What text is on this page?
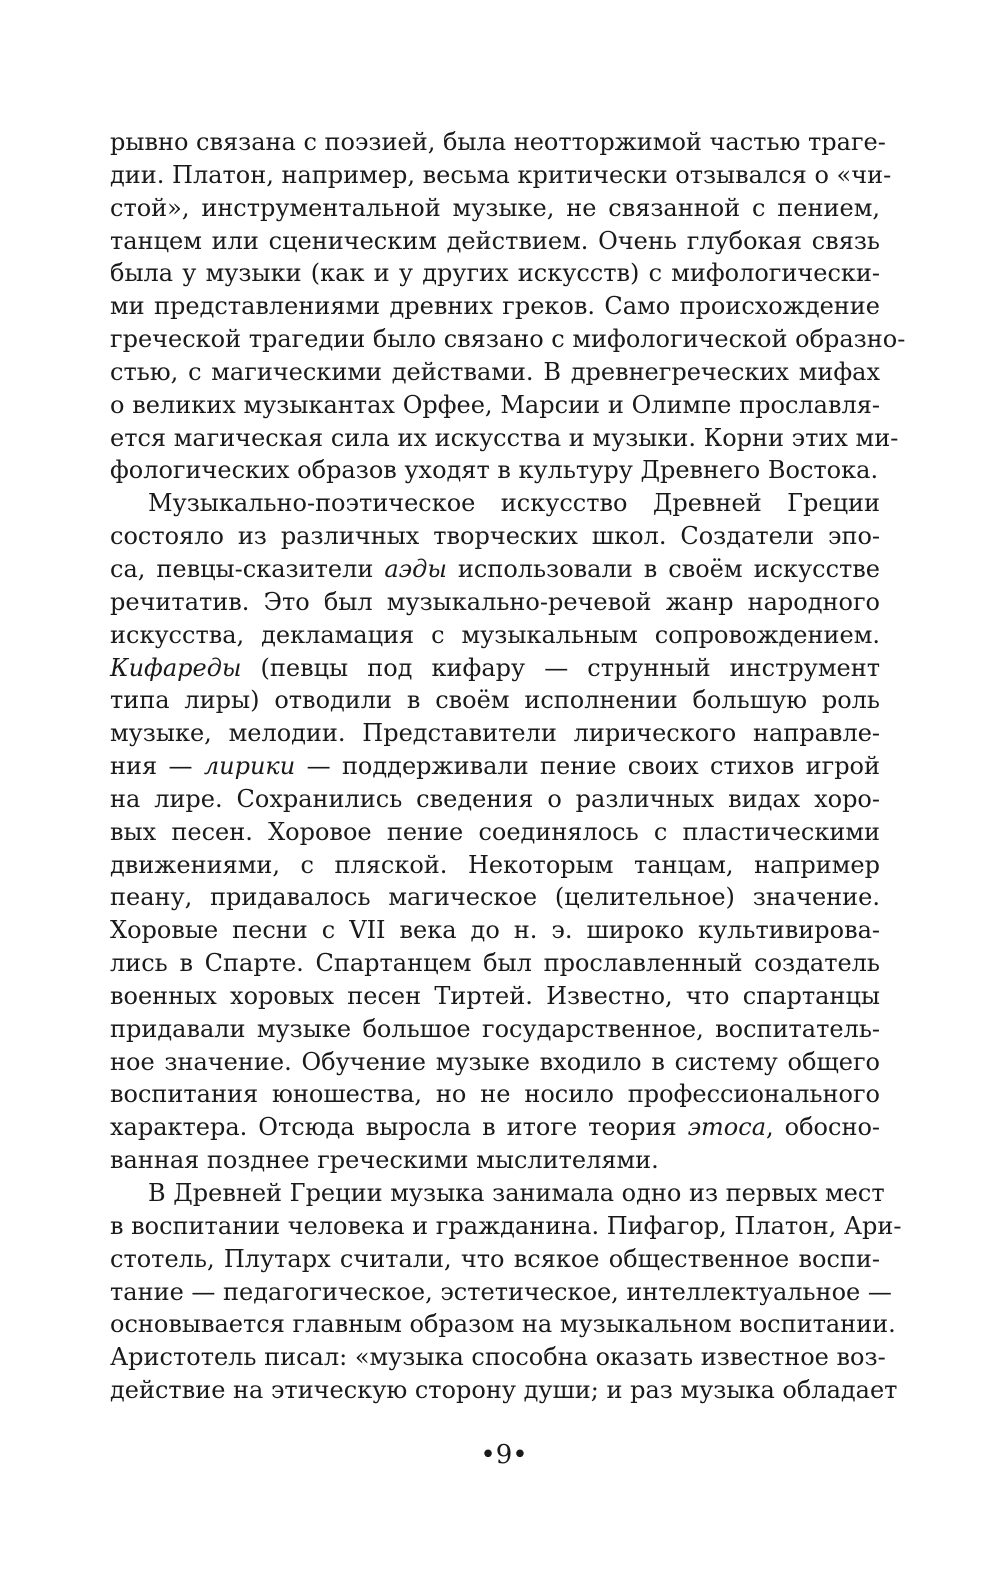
рывно связана с поэзией, была неотторжимой частью траге-
дии. Платон, например, весьма критически отзывался о «чи-
стой», инструментальной музыке, не связанной с пением,
танцем или сценическим действием. Очень глубокая связь
была у музыки (как и у других искусств) с мифологически-
ми представлениями древних греков. Само происхождение
греческой трагедии было связано с мифологической образно-
стью, с магическими действами. В древнегреческих мифах
о великих музыкантах Орфее, Марсии и Олимпе прославля-
ется магическая сила их искусства и музыки. Корни этих ми-
фологических образов уходят в культуру Древнего Востока.
Музыкально-поэтическое искусство Древней Греции
состояло из различных творческих школ. Создатели эпо-
са, певцы-сказители аэды использовали в своём искусстве
речитатив. Это был музыкально-речевой жанр народного
искусства, декламация с музыкальным сопровождением.
Кифареды (певцы под кифару — струнный инструмент
типа лиры) отводили в своём исполнении большую роль
музыке, мелодии. Представители лирического направле-
ния — лирики — поддерживали пение своих стихов игрой
на лире. Сохранились сведения о различных видах хоро-
вых песен. Хоровое пение соединялось с пластическими
движениями, с пляской. Некоторым танцам, например
пеану, придавалось магическое (целительное) значение.
Хоровые песни с VII века до н. э. широко культивирова-
лись в Спарте. Спартанцем был прославленный создатель
военных хоровых песен Тиртей. Известно, что спартанцы
придавали музыке большое государственное, воспитатель-
ное значение. Обучение музыке входило в систему общего
воспитания юношества, но не носило профессионального
характера. Отсюда выросла в итоге теория этоса, обосно-
ванная позднее греческими мыслителями.
В Древней Греции музыка занимала одно из первых мест
в воспитании человека и гражданина. Пифагор, Платон, Ари-
стотель, Плутарх считали, что всякое общественное воспи-
тание — педагогическое, эстетическое, интеллектуальное —
основывается главным образом на музыкальном воспитании.
Аристотель писал: «музыка способна оказать известное воз-
действие на этическую сторону души; и раз музыка обладает
•9•
